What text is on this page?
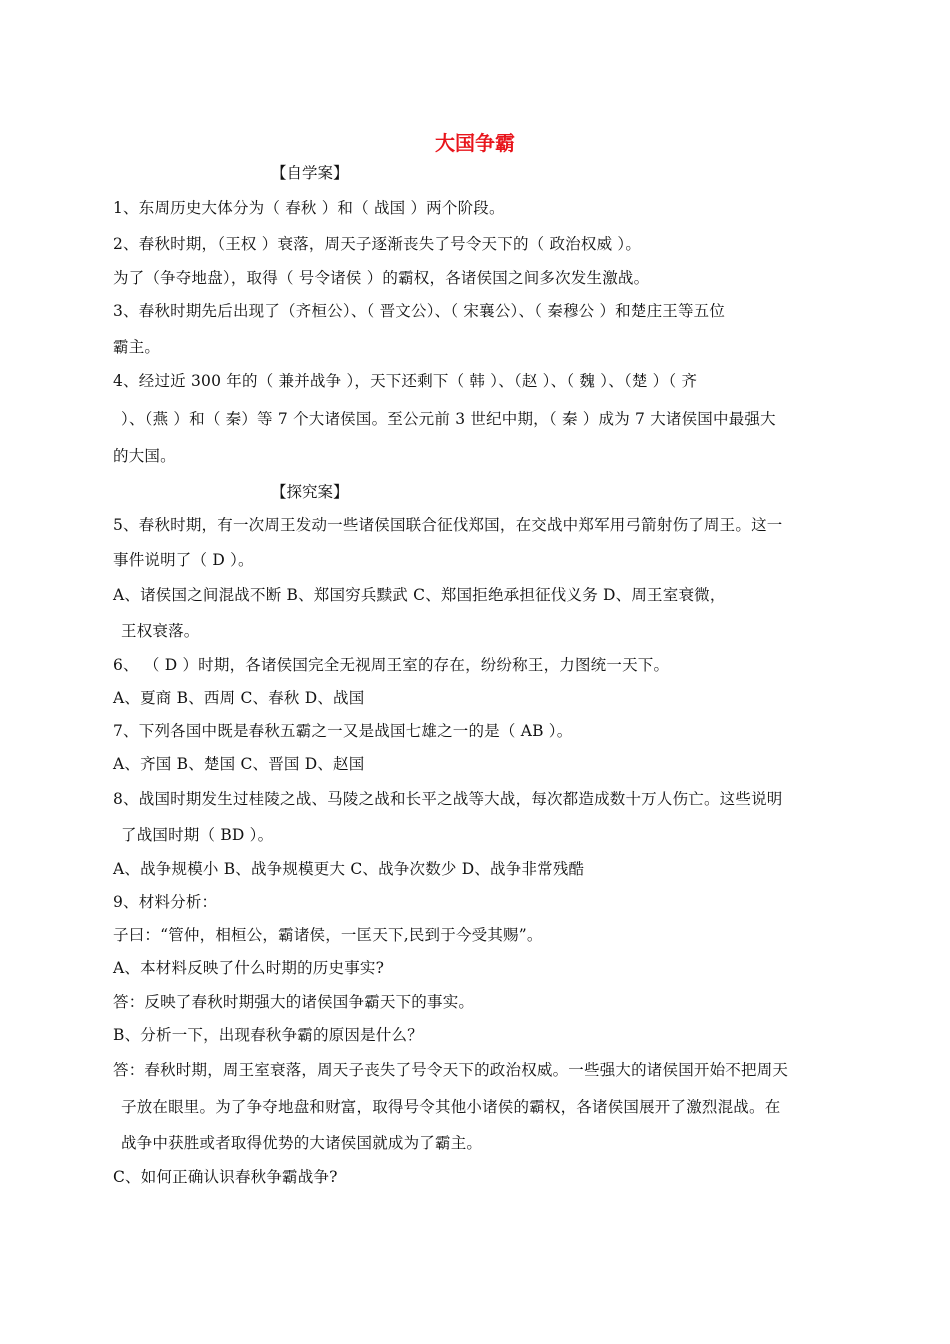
大国争霸
【自学案】
1、东周历史大体分为（ 春秋 ）和（ 战国 ）两个阶段。
2、春秋时期，（王权 ）衰落，周天子逐渐丧失了号令天下的（ 政治权威 ）。
为了（争夺地盘），取得（ 号令诸侯 ）的霸权，各诸侯国之间多次发生激战。
3、春秋时期先后出现了（齐桓公）、（ 晋文公）、（ 宋襄公）、（ 秦穆公 ）和楚庄王等五位
霸主。
4、经过近 300 年的（ 兼并战争 ），天下还剩下（ 韩 ）、（赵 ）、（ 魏 ）、（楚 ）（ 齐
）、（燕 ）和（ 秦）等 7 个大诸侯国。至公元前 3 世纪中期，（ 秦 ）成为 7 大诸侯国中最强大
的大国。
【探究案】
5、春秋时期，有一次周王发动一些诸侯国联合征伐郑国，在交战中郑军用弓箭射伤了周王。这一
事件说明了（ D ）。
A、诸侯国之间混战不断 B、郑国穷兵黩武 C、郑国拒绝承担征伐义务 D、周王室衰微，
王权衰落。
6、 （ D ）时期，各诸侯国完全无视周王室的存在，纷纷称王，力图统一天下。
A、夏商 B、西周 C、春秋 D、战国
7、下列各国中既是春秋五霸之一又是战国七雄之一的是（ AB ）。
A、齐国 B、楚国 C、晋国 D、赵国
8、战国时期发生过桂陵之战、马陵之战和长平之战等大战，每次都造成数十万人伤亡。这些说明
了战国时期（ BD ）。
A、战争规模小 B、战争规模更大 C、战争次数少 D、战争非常残酷
9、材料分析：
子曰：“管仲，相桓公，霸诸侯，一匡天下,民到于今受其赐”。
A、本材料反映了什么时期的历史事实?
答：反映了春秋时期强大的诸侯国争霸天下的事实。
B、分析一下，出现春秋争霸的原因是什么？
答：春秋时期，周王室衰落，周天子丧失了号令天下的政治权威。一些强大的诸侯国开始不把周天
子放在眼里。为了争夺地盘和财富，取得号令其他小诸侯的霸权，各诸侯国展开了激烈混战。在
战争中获胜或者取得优势的大诸侯国就成为了霸主。
C、如何正确认识春秋争霸战争?
